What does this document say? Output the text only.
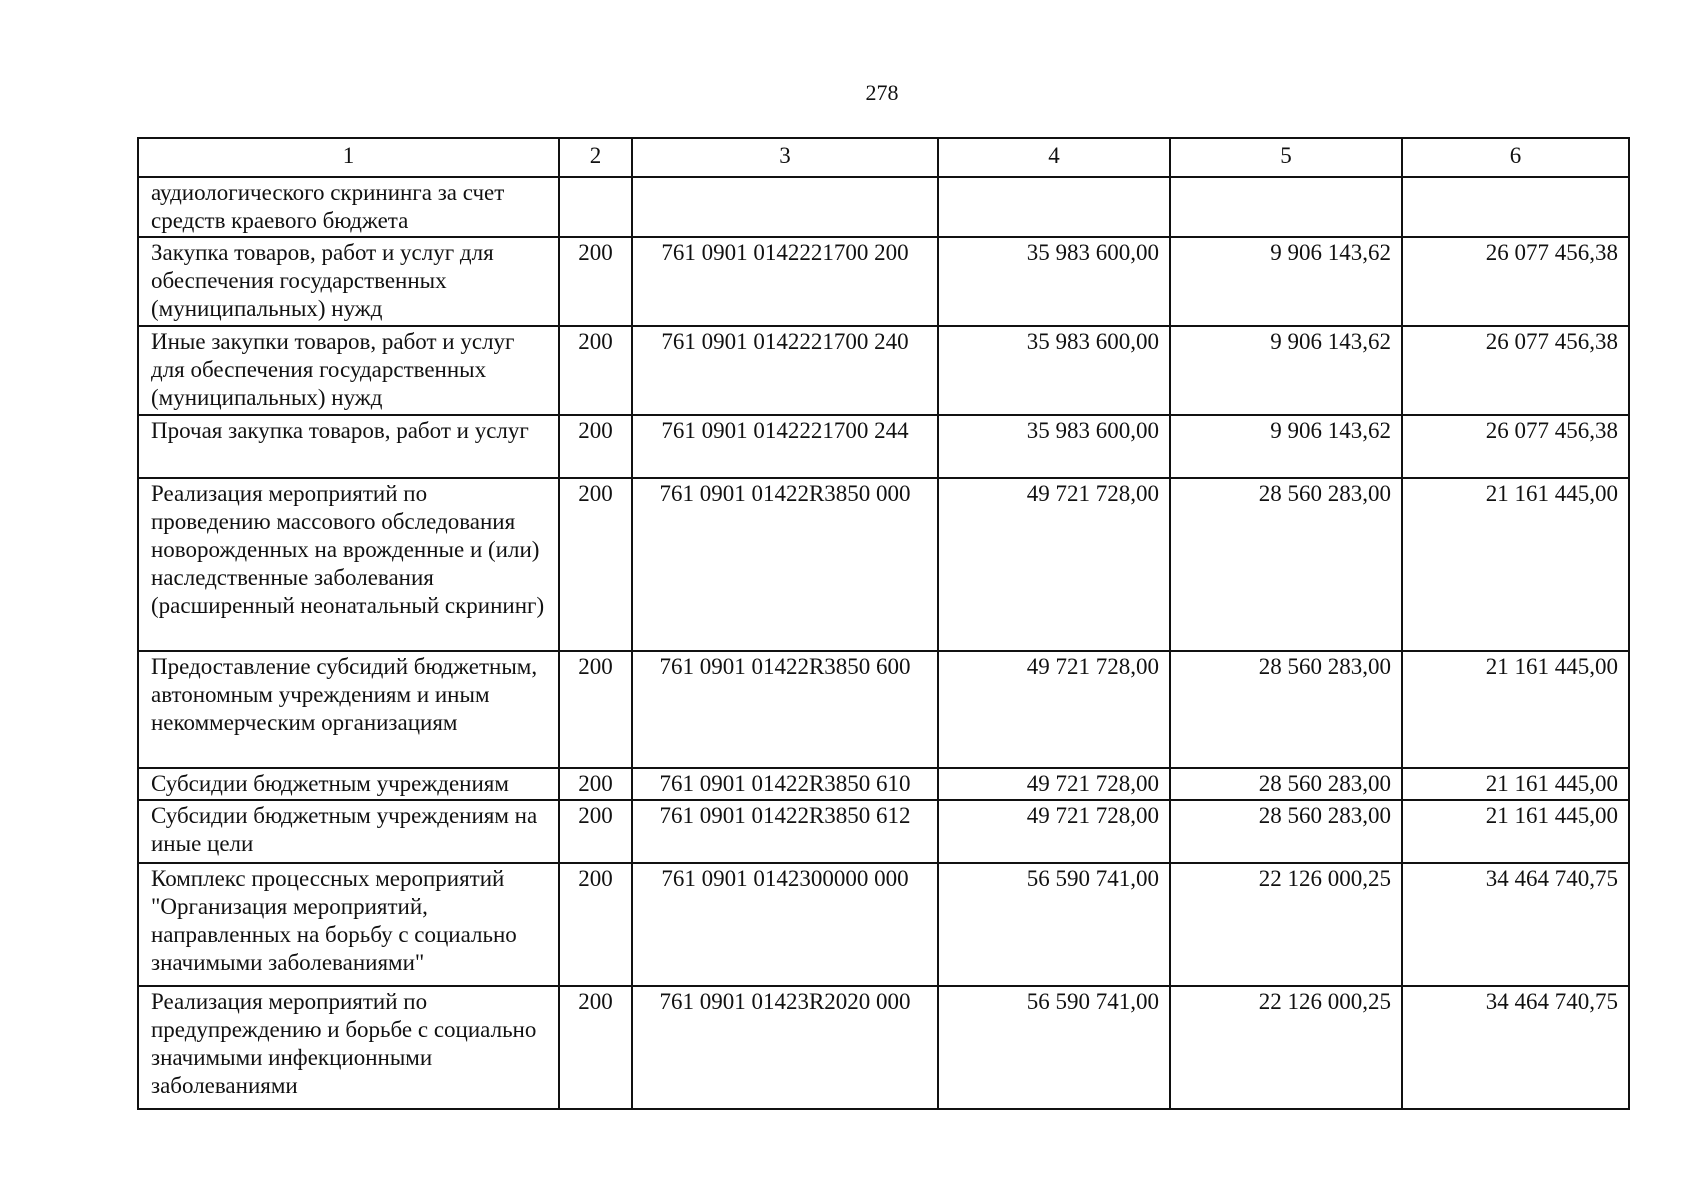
278
1	2	3	4	5	6
аудиологического скрининга за счет средств краевого бюджета					
Закупка товаров, работ и услуг для обеспечения государственных (муниципальных) нужд	200	761 0901 0142221700 200	35 983 600,00	9 906 143,62	26 077 456,38
Иные закупки товаров, работ и услуг для обеспечения государственных (муниципальных) нужд	200	761 0901 0142221700 240	35 983 600,00	9 906 143,62	26 077 456,38
Прочая закупка товаров, работ и услуг	200	761 0901 0142221700 244	35 983 600,00	9 906 143,62	26 077 456,38
Реализация мероприятий по проведению массового обследования новорожденных на врожденные и (или) наследственные заболевания (расширенный неонатальный скрининг)	200	761 0901 01422R3850 000	49 721 728,00	28 560 283,00	21 161 445,00
Предоставление субсидий бюджетным, автономным учреждениям и иным некоммерческим организациям	200	761 0901 01422R3850 600	49 721 728,00	28 560 283,00	21 161 445,00
Субсидии бюджетным учреждениям	200	761 0901 01422R3850 610	49 721 728,00	28 560 283,00	21 161 445,00
Субсидии бюджетным учреждениям на иные цели	200	761 0901 01422R3850 612	49 721 728,00	28 560 283,00	21 161 445,00
Комплекс процессных мероприятий "Организация мероприятий, направленных на борьбу с социально значимыми заболеваниями"	200	761 0901 0142300000 000	56 590 741,00	22 126 000,25	34 464 740,75
Реализация мероприятий по предупреждению и борьбе с социально значимыми инфекционными заболеваниями	200	761 0901 01423R2020 000	56 590 741,00	22 126 000,25	34 464 740,75
